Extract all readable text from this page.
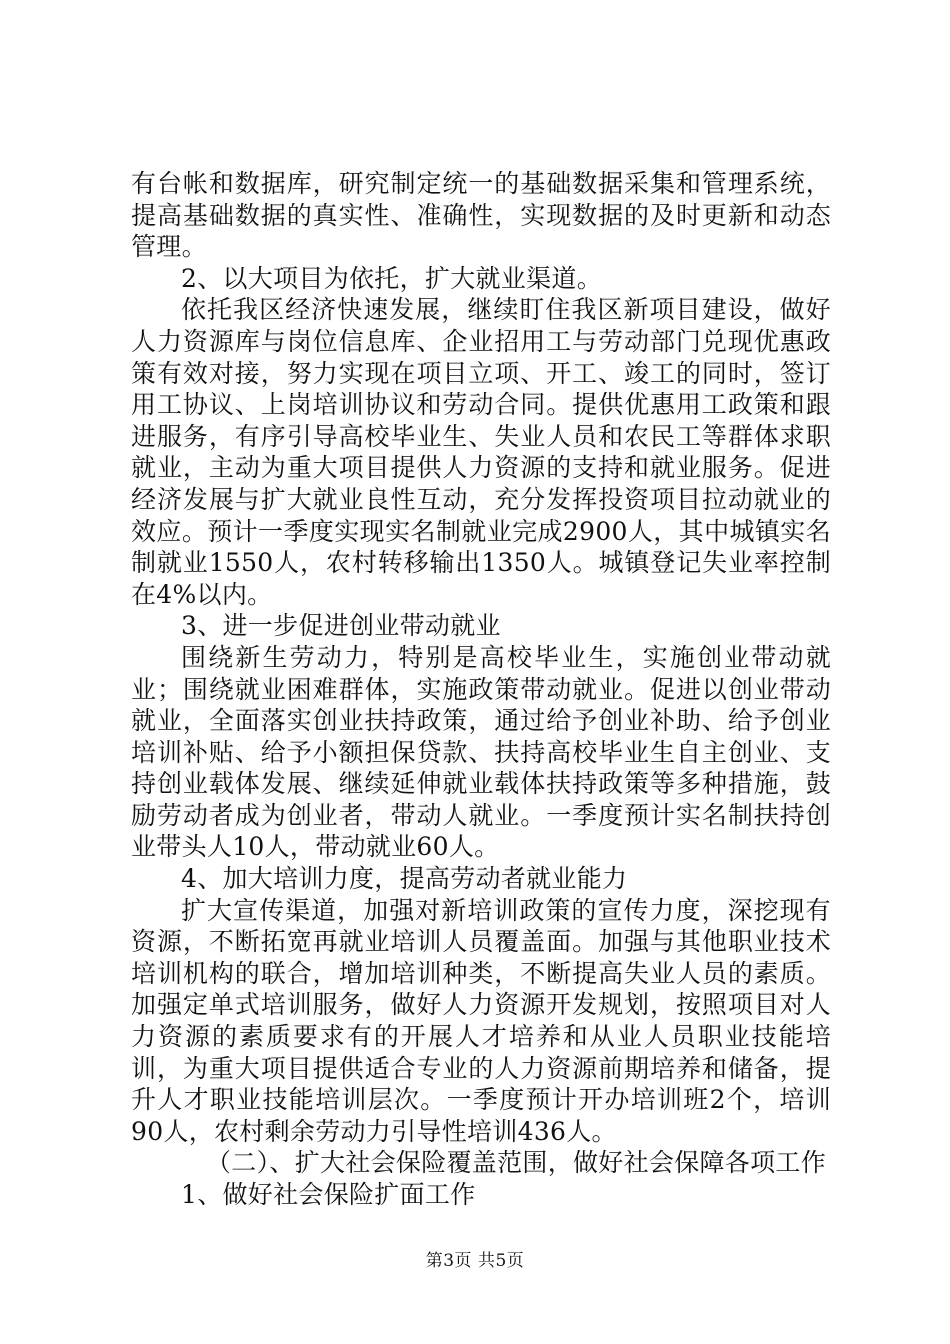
有台帐和数据库，研究制定统一的基础数据采集和管理系统，提高基础数据的真实性、准确性，实现数据的及时更新和动态管理。

2、以大项目为依托，扩大就业渠道。

依托我区经济快速发展，继续盯住我区新项目建设，做好人力资源库与岗位信息库、企业招用工与劳动部门兑现优惠政策有效对接，努力实现在项目立项、开工、竣工的同时，签订用工协议、上岗培训协议和劳动合同。提供优惠用工政策和跟进服务，有序引导高校毕业生、失业人员和农民工等群体求职就业，主动为重大项目提供人力资源的支持和就业服务。促进经济发展与扩大就业良性互动，充分发挥投资项目拉动就业的效应。预计一季度实现实名制就业完成2900人，其中城镇实名制就业1550人，农村转移输出1350人。城镇登记失业率控制在4%以内。

3、进一步促进创业带动就业

围绕新生劳动力，特别是高校毕业生，实施创业带动就业；围绕就业困难群体，实施政策带动就业。促进以创业带动就业，全面落实创业扶持政策，通过给予创业补助、给予创业培训补贴、给予小额担保贷款、扶持高校毕业生自主创业、支持创业载体发展、继续延伸就业载体扶持政策等多种措施，鼓励劳动者成为创业者，带动人就业。一季度预计实名制扶持创业带头人10人，带动就业60人。

4、加大培训力度，提高劳动者就业能力

扩大宣传渠道，加强对新培训政策的宣传力度，深挖现有资源，不断拓宽再就业培训人员覆盖面。加强与其他职业技术培训机构的联合，增加培训种类，不断提高失业人员的素质。加强定单式培训服务，做好人力资源开发规划，按照项目对人力资源的素质要求有的开展人才培养和从业人员职业技能培训，为重大项目提供适合专业的人力资源前期培养和储备，提升人才职业技能培训层次。一季度预计开办培训班2个，培训90人，农村剩余劳动力引导性培训436人。

（二）、扩大社会保险覆盖范围，做好社会保障各项工作

1、做好社会保险扩面工作

第3页 共5页
